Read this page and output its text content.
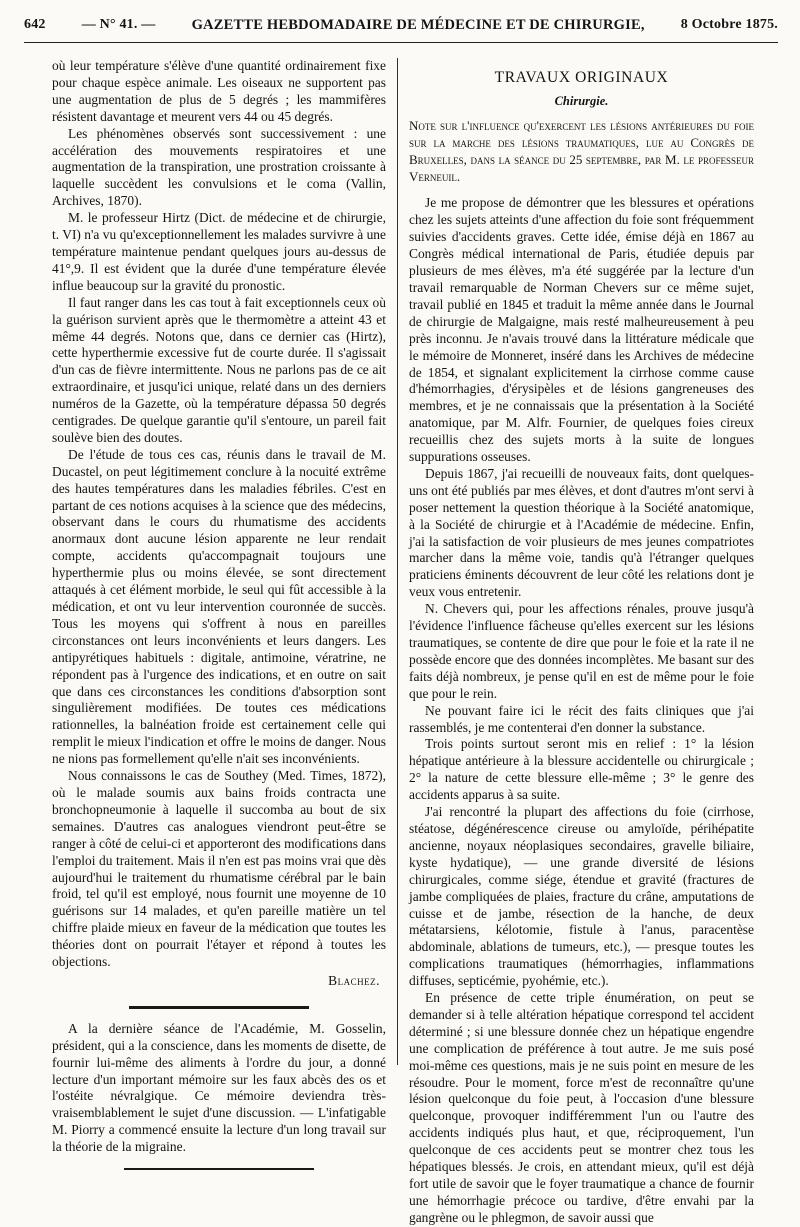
642	— N° 41. — GAZETTE HEBDOMADAIRE DE MÉDECINE ET DE CHIRURGIE,	8 Octobre 1875.

où leur température s'élève d'une quantité ordinairement fixe pour chaque espèce animale. Les oiseaux ne supportent pas une augmentation de plus de 5 degrés ; les mammifères résistent davantage et meurent vers 44 ou 45 degrés.

Les phénomènes observés sont successivement : une accélération des mouvements respiratoires et une augmentation de la transpiration, une prostration croissante à laquelle succèdent les convulsions et le coma (Vallin, Archives, 1870).

M. le professeur Hirtz (Dict. de médecine et de chirurgie, t. VI) n'a vu qu'exceptionnellement les malades survivre à une température maintenue pendant quelques jours au-dessus de 41°,9. Il est évident que la durée d'une température élevée influe beaucoup sur la gravité du pronostic.

Il faut ranger dans les cas tout à fait exceptionnels ceux où la guérison survient après que le thermomètre a atteint 43 et même 44 degrés. Notons que, dans ce dernier cas (Hirtz), cette hyperthermie excessive fut de courte durée. Il s'agissait d'un cas de fièvre intermittente. Nous ne parlons pas de ce ait extraordinaire, et jusqu'ici unique, relaté dans un des derniers numéros de la Gazette, où la température dépassa 50 degrés centigrades. De quelque garantie qu'il s'entoure, un pareil fait soulève bien des doutes.

De l'étude de tous ces cas, réunis dans le travail de M. Ducastel, on peut légitimement conclure à la nocuité extrême des hautes températures dans les maladies fébriles. C'est en partant de ces notions acquises à la science que des médecins, observant dans le cours du rhumatisme des accidents anormaux dont aucune lésion apparente ne leur rendait compte, accidents qu'accompagnait toujours une hyperthermie plus ou moins élevée, se sont directement attaqués à cet élément morbide, le seul qui fût accessible à la médication, et ont vu leur intervention couronnée de succès. Tous les moyens qui s'offrent à nous en pareilles circonstances ont leurs inconvénients et leurs dangers. Les antipyrétiques habituels : digitale, antimoine, vératrine, ne répondent pas à l'urgence des indications, et en outre on sait que dans ces circonstances les conditions d'absorption sont singulièrement modifiées. De toutes ces médications rationnelles, la balnéation froide est certainement celle qui remplit le mieux l'indication et offre le moins de danger. Nous ne nions pas formellement qu'elle n'ait ses inconvénients.

Nous connaissons le cas de Southey (Med. Times, 1872), où le malade soumis aux bains froids contracta une bronchopneumonie à laquelle il succomba au bout de six semaines. D'autres cas analogues viendront peut-être se ranger à côté de celui-ci et apporteront des modifications dans l'emploi du traitement. Mais il n'en est pas moins vrai que dès aujourd'hui le traitement du rhumatisme cérébral par le bain froid, tel qu'il est employé, nous fournit une moyenne de 10 guérisons sur 14 malades, et qu'en pareille matière un tel chiffre plaide mieux en faveur de la médication que toutes les théories dont on pourrait l'étayer et répond à toutes les objections.

Blachez.

A la dernière séance de l'Académie, M. Gosselin, président, qui a la conscience, dans les moments de disette, de fournir lui-même des aliments à l'ordre du jour, a donné lecture d'un important mémoire sur les faux abcès des os et l'ostéite névralgique. Ce mémoire deviendra très-vraisemblablement le sujet d'une discussion. — L'infatigable M. Piorry a commencé ensuite la lecture d'un long travail sur la théorie de la migraine.

TRAVAUX ORIGINAUX
Chirurgie.

Note sur l'influence qu'exercent les lésions antérieures du foie sur la marche des lésions traumatiques, lue au Congrès de Bruxelles, dans la séance du 25 septembre, par M. le professeur Verneuil.

Je me propose de démontrer que les blessures et opérations chez les sujets atteints d'une affection du foie sont fréquemment suivies d'accidents graves. Cette idée, émise déjà en 1867 au Congrès médical international de Paris, étudiée depuis par plusieurs de mes élèves, m'a été suggérée par la lecture d'un travail remarquable de Norman Chevers sur ce même sujet, travail publié en 1845 et traduit la même année dans le Journal de chirurgie de Malgaigne, mais resté malheureusement à peu près inconnu. Je n'avais trouvé dans la littérature médicale que le mémoire de Monneret, inséré dans les Archives de médecine de 1854, et signalant explicitement la cirrhose comme cause d'hémorrhagies, d'érysipèles et de lésions gangreneuses des membres, et je ne connaissais que la présentation à la Société anatomique, par M. Alfr. Fournier, de quelques foies cireux recueillis chez des sujets morts à la suite de longues suppurations osseuses.

Depuis 1867, j'ai recueilli de nouveaux faits, dont quelques-uns ont été publiés par mes élèves, et dont d'autres m'ont servi à poser nettement la question théorique à la Société anatomique, à la Société de chirurgie et à l'Académie de médecine. Enfin, j'ai la satisfaction de voir plusieurs de mes jeunes compatriotes marcher dans la même voie, tandis qu'à l'étranger quelques praticiens éminents découvrent de leur côté les relations dont je veux vous entretenir.

N. Chevers qui, pour les affections rénales, prouve jusqu'à l'évidence l'influence fâcheuse qu'elles exercent sur les lésions traumatiques, se contente de dire que pour le foie et la rate il ne possède encore que des données incomplètes. Me basant sur des faits déjà nombreux, je pense qu'il en est de même pour le foie que pour le rein.

Ne pouvant faire ici le récit des faits cliniques que j'ai rassemblés, je me contenterai d'en donner la substance.

Trois points surtout seront mis en relief : 1° la lésion hépatique antérieure à la blessure accidentelle ou chirurgicale ; 2° la nature de cette blessure elle-même ; 3° le genre des accidents apparus à sa suite.

J'ai rencontré la plupart des affections du foie (cirrhose, stéatose, dégénérescence cireuse ou amyloïde, périhépatite ancienne, noyaux néoplasiques secondaires, gravelle biliaire, kyste hydatique), — une grande diversité de lésions chirurgicales, comme siége, étendue et gravité (fractures de jambe compliquées de plaies, fracture du crâne, amputations de cuisse et de jambe, résection de la hanche, de deux métatarsiens, kélotomie, fistule à l'anus, paracentèse abdominale, ablations de tumeurs, etc.), — presque toutes les complications traumatiques (hémorrhagies, inflammations diffuses, septicémie, pyohémie, etc.).

En présence de cette triple énumération, on peut se demander si à telle altération hépatique correspond tel accident déterminé ; si une blessure donnée chez un hépatique engendre une complication de préférence à tout autre. Je me suis posé moi-même ces questions, mais je ne suis point en mesure de les résoudre. Pour le moment, force m'est de reconnaître qu'une lésion quelconque du foie peut, à l'occasion d'une blessure quelconque, provoquer indifféremment l'un ou l'autre des accidents indiqués plus haut, et que, réciproquement, l'un quelconque de ces accidents peut se montrer chez tous les hépatiques blessés. Je crois, en attendant mieux, qu'il est déjà fort utile de savoir que le foyer traumatique a chance de fournir une hémorrhagie précoce ou tardive, d'être envahi par la gangrène ou le phlegmon, de savoir aussi que
